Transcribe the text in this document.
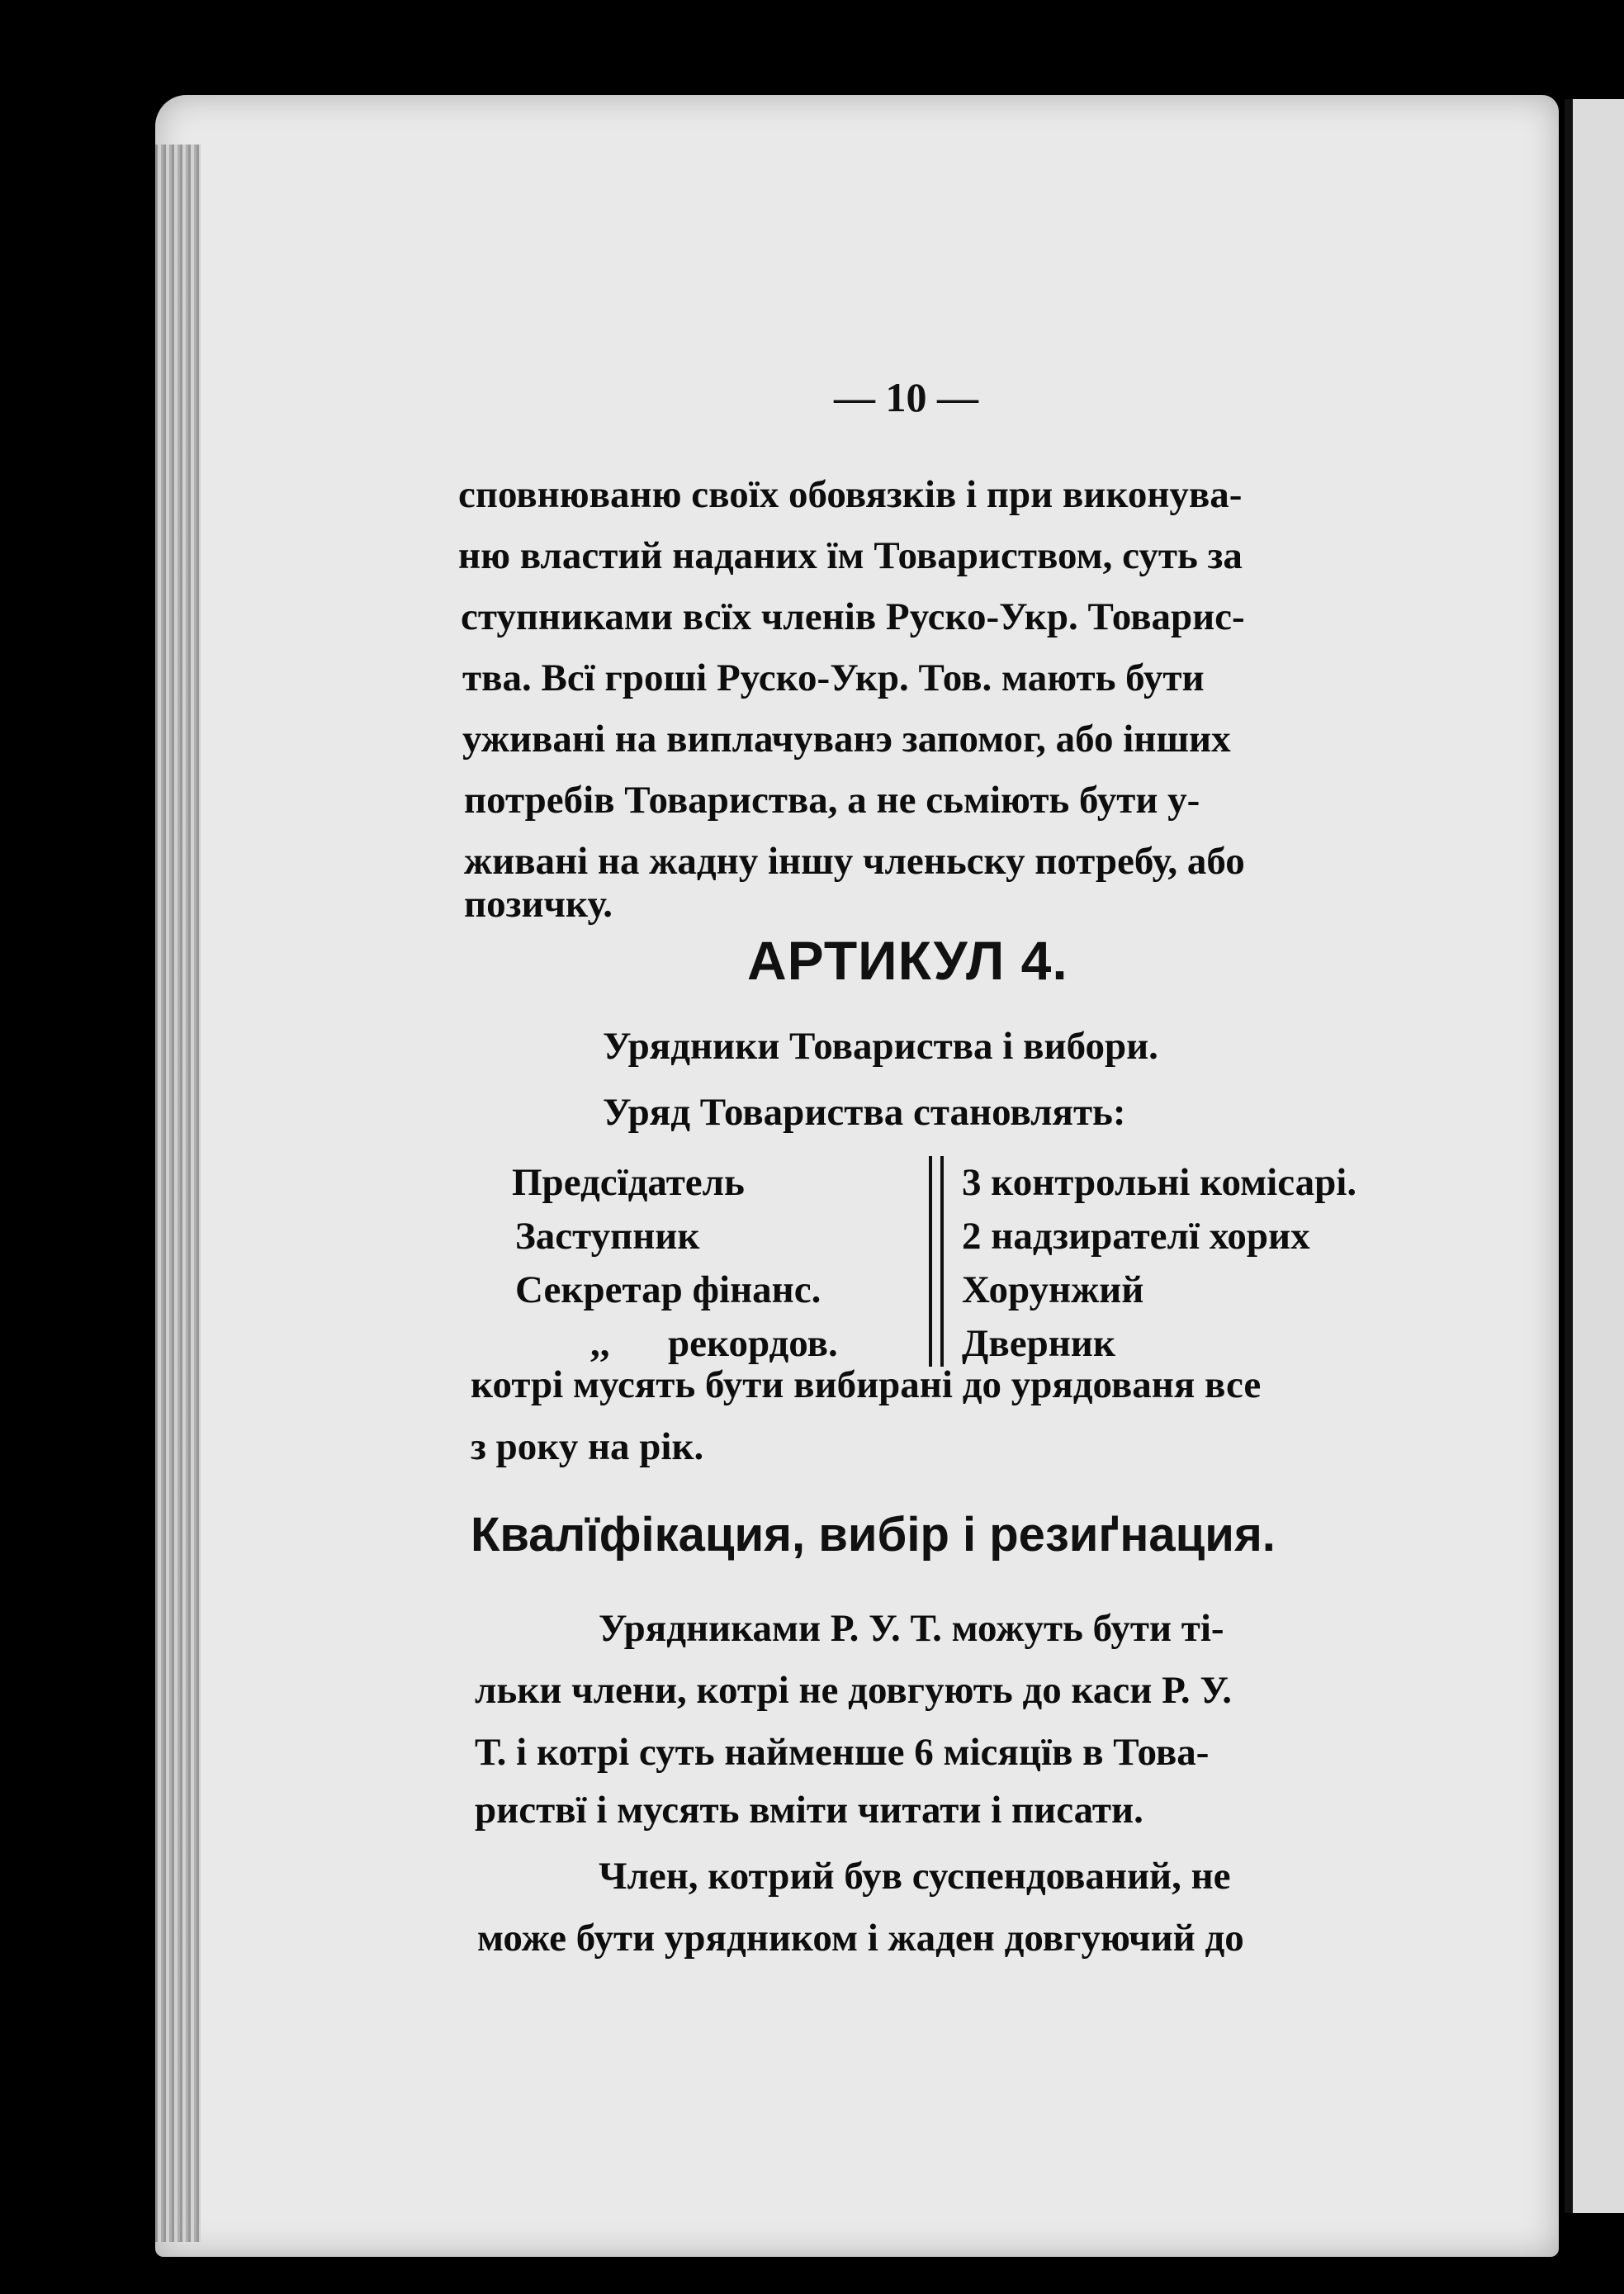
— 10 —
сповнюваню своїх обовязків і при виконува-
ню властий наданих їм Товариством, суть за
ступниками всїх членів Руско-Укр. Товарис-
тва. Всї гроші Руско-Укр. Тов. мають бути
уживані на виплачуванэ запомог, або інших
потребів Товариства, а не сьміють бути у-
живані на жадну іншу членьску потребу, або
позичку.
АРТИКУЛ 4.
Урядники Товариства і вибори.
Уряд Товариства становлять:
Предсїдатель
Заступник
Секретар фінанс.
,,      рекордов.
3 контрольні комісарі.
2 надзирателї хорих
Хорунжий
Дверник
котрі мусять бути вибирані до урядованя все
з року на рік.
Квалїфікация, вибір і резиґнация.
Урядниками Р. У. Т. можуть бути ті-
льки члени, котрі не довгують до каси Р. У.
Т. і котрі суть найменше 6 місяцїв в Това-
риствї і мусять вміти читати і писати.
Член, котрий був суспендований, не
може бути урядником і жаден довгуючий до
